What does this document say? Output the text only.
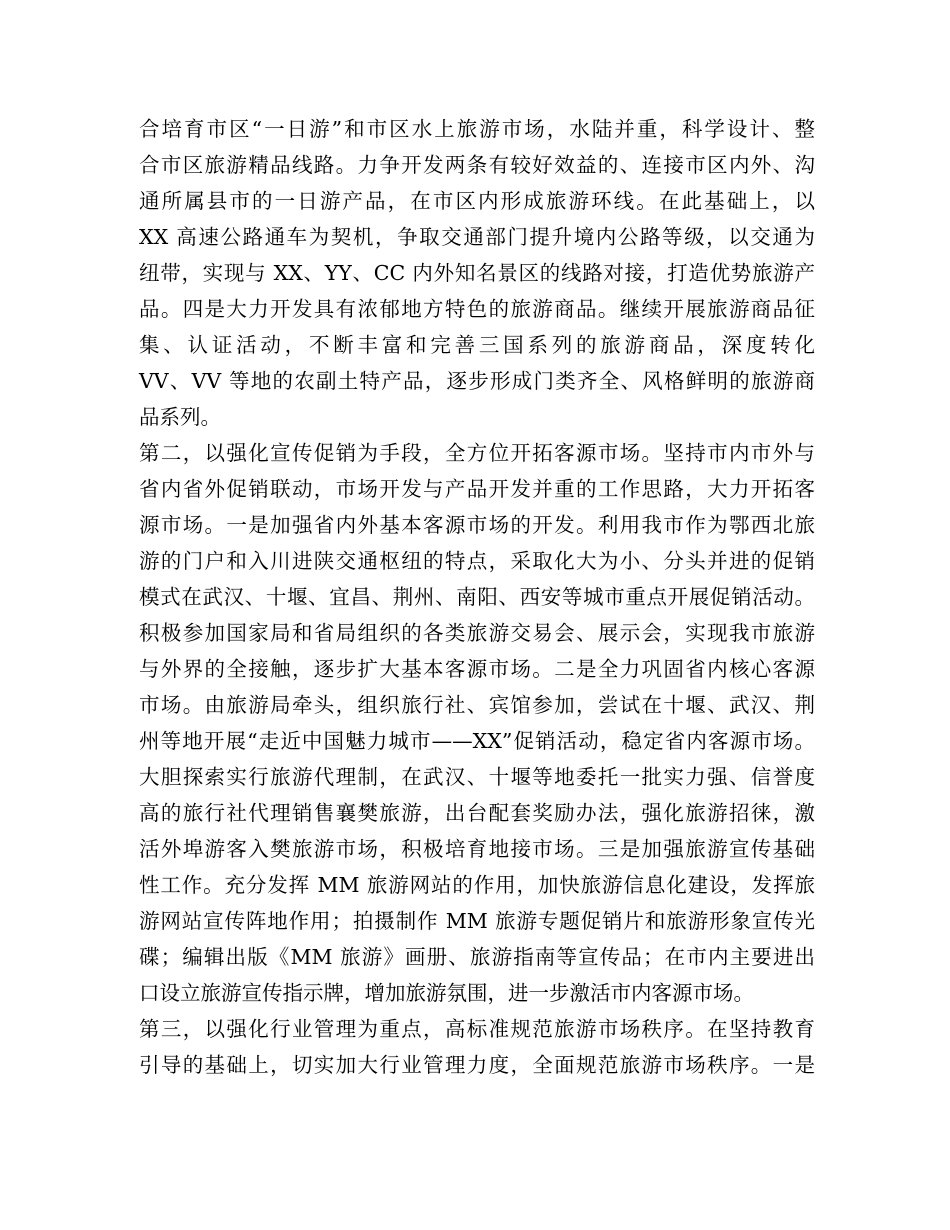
合培育市区“一日游”和市区水上旅游市场，水陆并重，科学设计、整
合市区旅游精品线路。力争开发两条有较好效益的、连接市区内外、沟
通所属县市的一日游产品，在市区内形成旅游环线。在此基础上，以
XX 高速公路通车为契机，争取交通部门提升境内公路等级，以交通为
纽带，实现与 XX、YY、CC 内外知名景区的线路对接，打造优势旅游产
品。四是大力开发具有浓郁地方特色的旅游商品。继续开展旅游商品征
集、认证活动，不断丰富和完善三国系列的旅游商品，深度转化
VV、VV 等地的农副土特产品，逐步形成门类齐全、风格鲜明的旅游商
品系列。
第二，以强化宣传促销为手段，全方位开拓客源市场。坚持市内市外与
省内省外促销联动，市场开发与产品开发并重的工作思路，大力开拓客
源市场。一是加强省内外基本客源市场的开发。利用我市作为鄂西北旅
游的门户和入川进陕交通枢纽的特点，采取化大为小、分头并进的促销
模式在武汉、十堰、宜昌、荆州、南阳、西安等城市重点开展促销活动。
积极参加国家局和省局组织的各类旅游交易会、展示会，实现我市旅游
与外界的全接触，逐步扩大基本客源市场。二是全力巩固省内核心客源
市场。由旅游局牵头，组织旅行社、宾馆参加，尝试在十堰、武汉、荆
州等地开展“走近中国魅力城市——XX”促销活动，稳定省内客源市场。
大胆探索实行旅游代理制，在武汉、十堰等地委托一批实力强、信誉度
高的旅行社代理销售襄樊旅游，出台配套奖励办法，强化旅游招徕，激
活外埠游客入樊旅游市场，积极培育地接市场。三是加强旅游宣传基础
性工作。充分发挥 MM 旅游网站的作用，加快旅游信息化建设，发挥旅
游网站宣传阵地作用；拍摄制作 MM 旅游专题促销片和旅游形象宣传光
碟；编辑出版《MM 旅游》画册、旅游指南等宣传品；在市内主要进出
口设立旅游宣传指示牌，增加旅游氛围，进一步激活市内客源市场。
第三，以强化行业管理为重点，高标准规范旅游市场秩序。在坚持教育
引导的基础上，切实加大行业管理力度，全面规范旅游市场秩序。一是
